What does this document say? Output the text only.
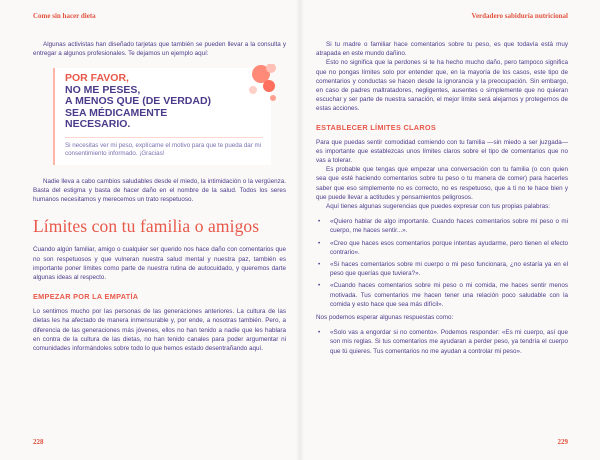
Come sin hacer dieta
228

Algunas activistas han diseñado tarjetas que también se pueden llevar a la consulta y entregar a algunos profesionales. Te dejamos un ejemplo aquí:

POR FAVOR,
NO ME PESES,
A MENOS QUE (DE VERDAD)
SEA MÉDICAMENTE
NECESARIO.
Si necesitas ver mi peso, explícame el motivo para que te pueda dar mi consentimiento informado. ¡Gracias!

Nadie lleva a cabo cambios saludables desde el miedo, la intimidación o la vergüenza. Basta del estigma y basta de hacer daño en el nombre de la salud. Todos los seres humanos necesitamos y merecemos un trato respetuoso.

Límites con tu familia o amigos

Cuando algún familiar, amigo o cualquier ser querido nos hace daño con comentarios que no son respetuosos y que vulneran nuestra salud mental y nuestra paz, también es importante poner límites como parte de nuestra rutina de autocuidado, y queremos darte algunas ideas al respecto.

EMPEZAR POR LA EMPATÍA

Lo sentimos mucho por las personas de las generaciones anteriores. La cultura de las dietas les ha afectado de manera inmensurable y, por ende, a nosotras también. Pero, a diferencia de las generaciones más jóvenes, ellos no han tenido a nadie que les hablara en contra de la cultura de las dietas, no han tenido canales para poder argumentar ni comunidades informándoles sobre todo lo que hemos estado desentrañando aquí.

Verdadero sabiduría nutricional
229

Si tu madre o familiar hace comentarios sobre tu peso, es que todavía está muy atrapada en este mundo dañino.

Esto no significa que la perdones si te ha hecho mucho daño, pero tampoco significa que no pongas límites solo por entender que, en la mayoría de los casos, este tipo de comentarios y conductas se hacen desde la ignorancia y la preocupación. Sin embargo, en caso de padres maltratadores, negligentes, ausentes o simplemente que no quieran escuchar y ser parte de nuestra sanación, el mejor límite será alejarnos y protegernos de estas acciones.

ESTABLECER LÍMITES CLAROS

Para que puedas sentir comodidad comiendo con tu familia —sin miedo a ser juzgada— es importante que establezcas unos límites claros sobre el tipo de comentarios que no vas a tolerar.

Es probable que tengas que empezar una conversación con tu familia (o con quien sea que esté haciendo comentarios sobre tu peso o tu manera de comer) para hacerles saber que eso simplemente no es correcto, no es respetuoso, que a ti no te hace bien y que puede llevar a actitudes y pensamientos peligrosos.

Aquí tienes algunas sugerencias que puedes expresar con tus propias palabras:

• «Quiero hablar de algo importante. Cuando haces comentarios sobre mi peso o mi cuerpo, me haces sentir...».
• «Creo que haces esos comentarios porque intentas ayudarme, pero tienen el efecto contrario».
• «Si haces comentarios sobre mi cuerpo o mi peso funcionara, ¿no estaría ya en el peso que querías que tuviera?».
• «Cuando haces comentarios sobre mi peso o mi comida, me haces sentir menos motivada. Tus comentarios me hacen tener una relación poco saludable con la comida y esto hace que sea más difícil».

Nos podemos esperar algunas respuestas como:

• «Solo vas a engordar si no comento». Podemos responder: «Es mi cuerpo, así que son mis reglas. Si tus comentarios me ayudaran a perder peso, ya tendría el cuerpo que tú quieres. Tus comentarios no me ayudan a controlar mi peso».
